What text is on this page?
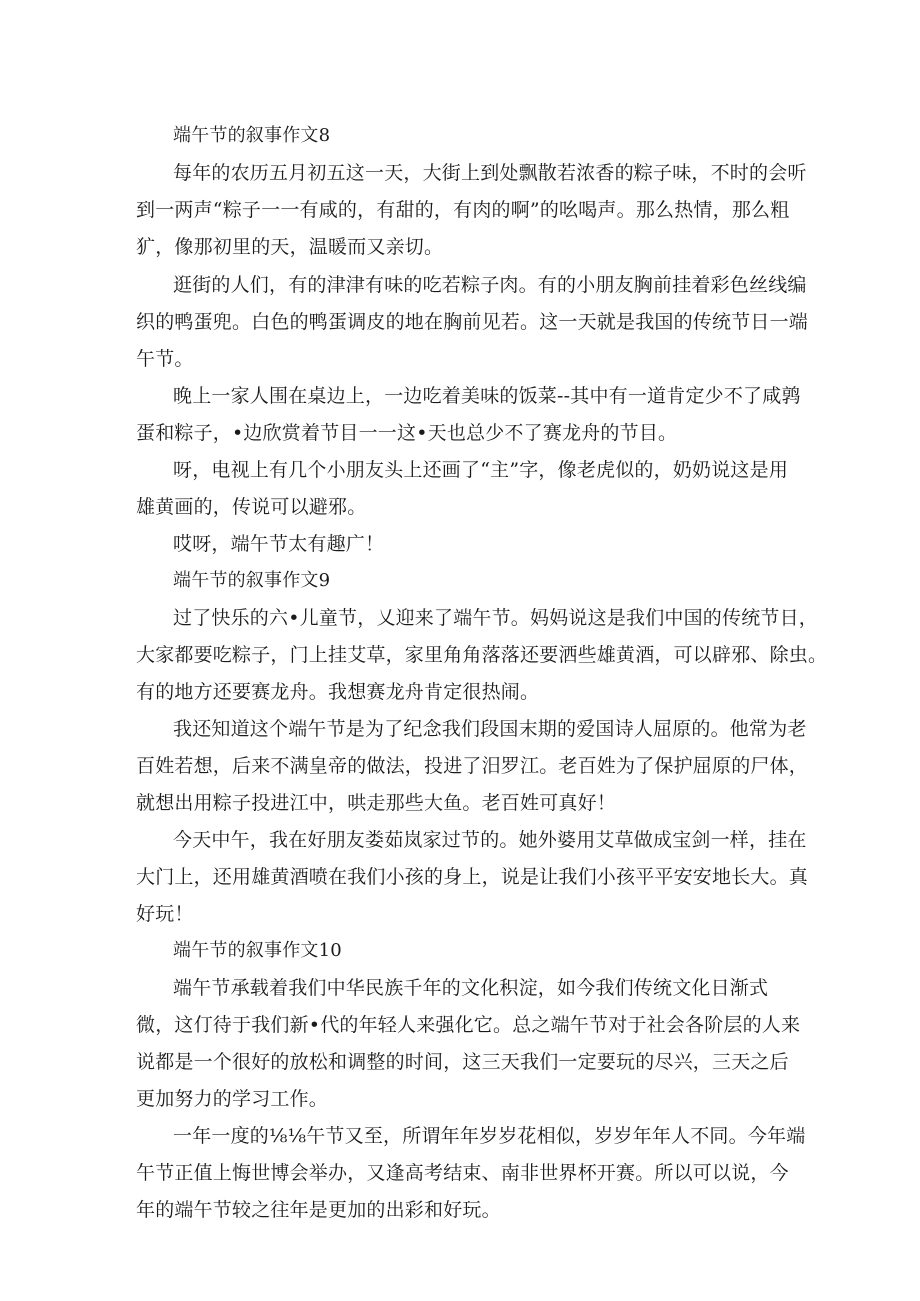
端午节的叙事作文8
每年的农历五月初五这一天，大街上到处飘散若浓香的粽子味，不时的会听
到一两声“粽子一一有咸的，有甜的，有肉的啊”的吆喝声。那么热情，那么粗
犷，像那初里的天，温暖而又亲切。
逛街的人们，有的津津有味的吃若粽子肉。有的小朋友胸前挂着彩色丝线编
织的鸭蛋兜。白色的鸭蛋调皮的地在胸前见若。这一天就是我国的传统节日一端
午节。
晚上一家人围在桌边上，一边吃着美味的饭菜--其中有一道肯定少不了咸鹑
蛋和粽子，•边欣赏着节目一一这•天也总少不了赛龙舟的节目。
呀，电视上有几个小朋友头上还画了“主”字，像老虎似的，奶奶说这是用
雄黄画的，传说可以避邪。
哎呀，端午节太有趣广！
端午节的叙事作文9
过了快乐的六•儿童节，乂迎来了端午节。妈妈说这是我们中国的传统节日，
大家都要吃粽子，门上挂艾草，家里角角落落还要洒些雄黄酒，可以辟邪、除虫。
有的地方还要赛龙舟。我想赛龙舟肯定很热闹。
我还知道这个端午节是为了纪念我们段国末期的爱国诗人屈原的。他常为老
百姓若想，后来不满皇帝的做法，投进了汨罗江。老百姓为了保护屈原的尸体，
就想出用粽子投进江中，哄走那些大鱼。老百姓可真好！
今天中午，我在好朋友娄茹岚家过节的。她外婆用艾草做成宝剑一样，挂在
大门上，还用雄黄酒喷在我们小孩的身上，说是让我们小孩平平安安地长大。真
好玩！
端午节的叙事作文10
端午节承载着我们中华民族千年的文化积淀，如今我们传统文化日渐式
微，这仃待于我们新•代的年轻人来强化它。总之端午节对于社会各阶层的人来
说都是一个很好的放松和调整的时间，这三天我们一定要玩的尽兴，三天之后
更加努力的学习工作。
一年一度的⅛⅛午节又至，所谓年年岁岁花相似，岁岁年年人不同。今年端
午节正值上悔世博会举办，又逢高考结束、南非世界杯开赛。所以可以说，今
年的端午节较之往年是更加的出彩和好玩。
